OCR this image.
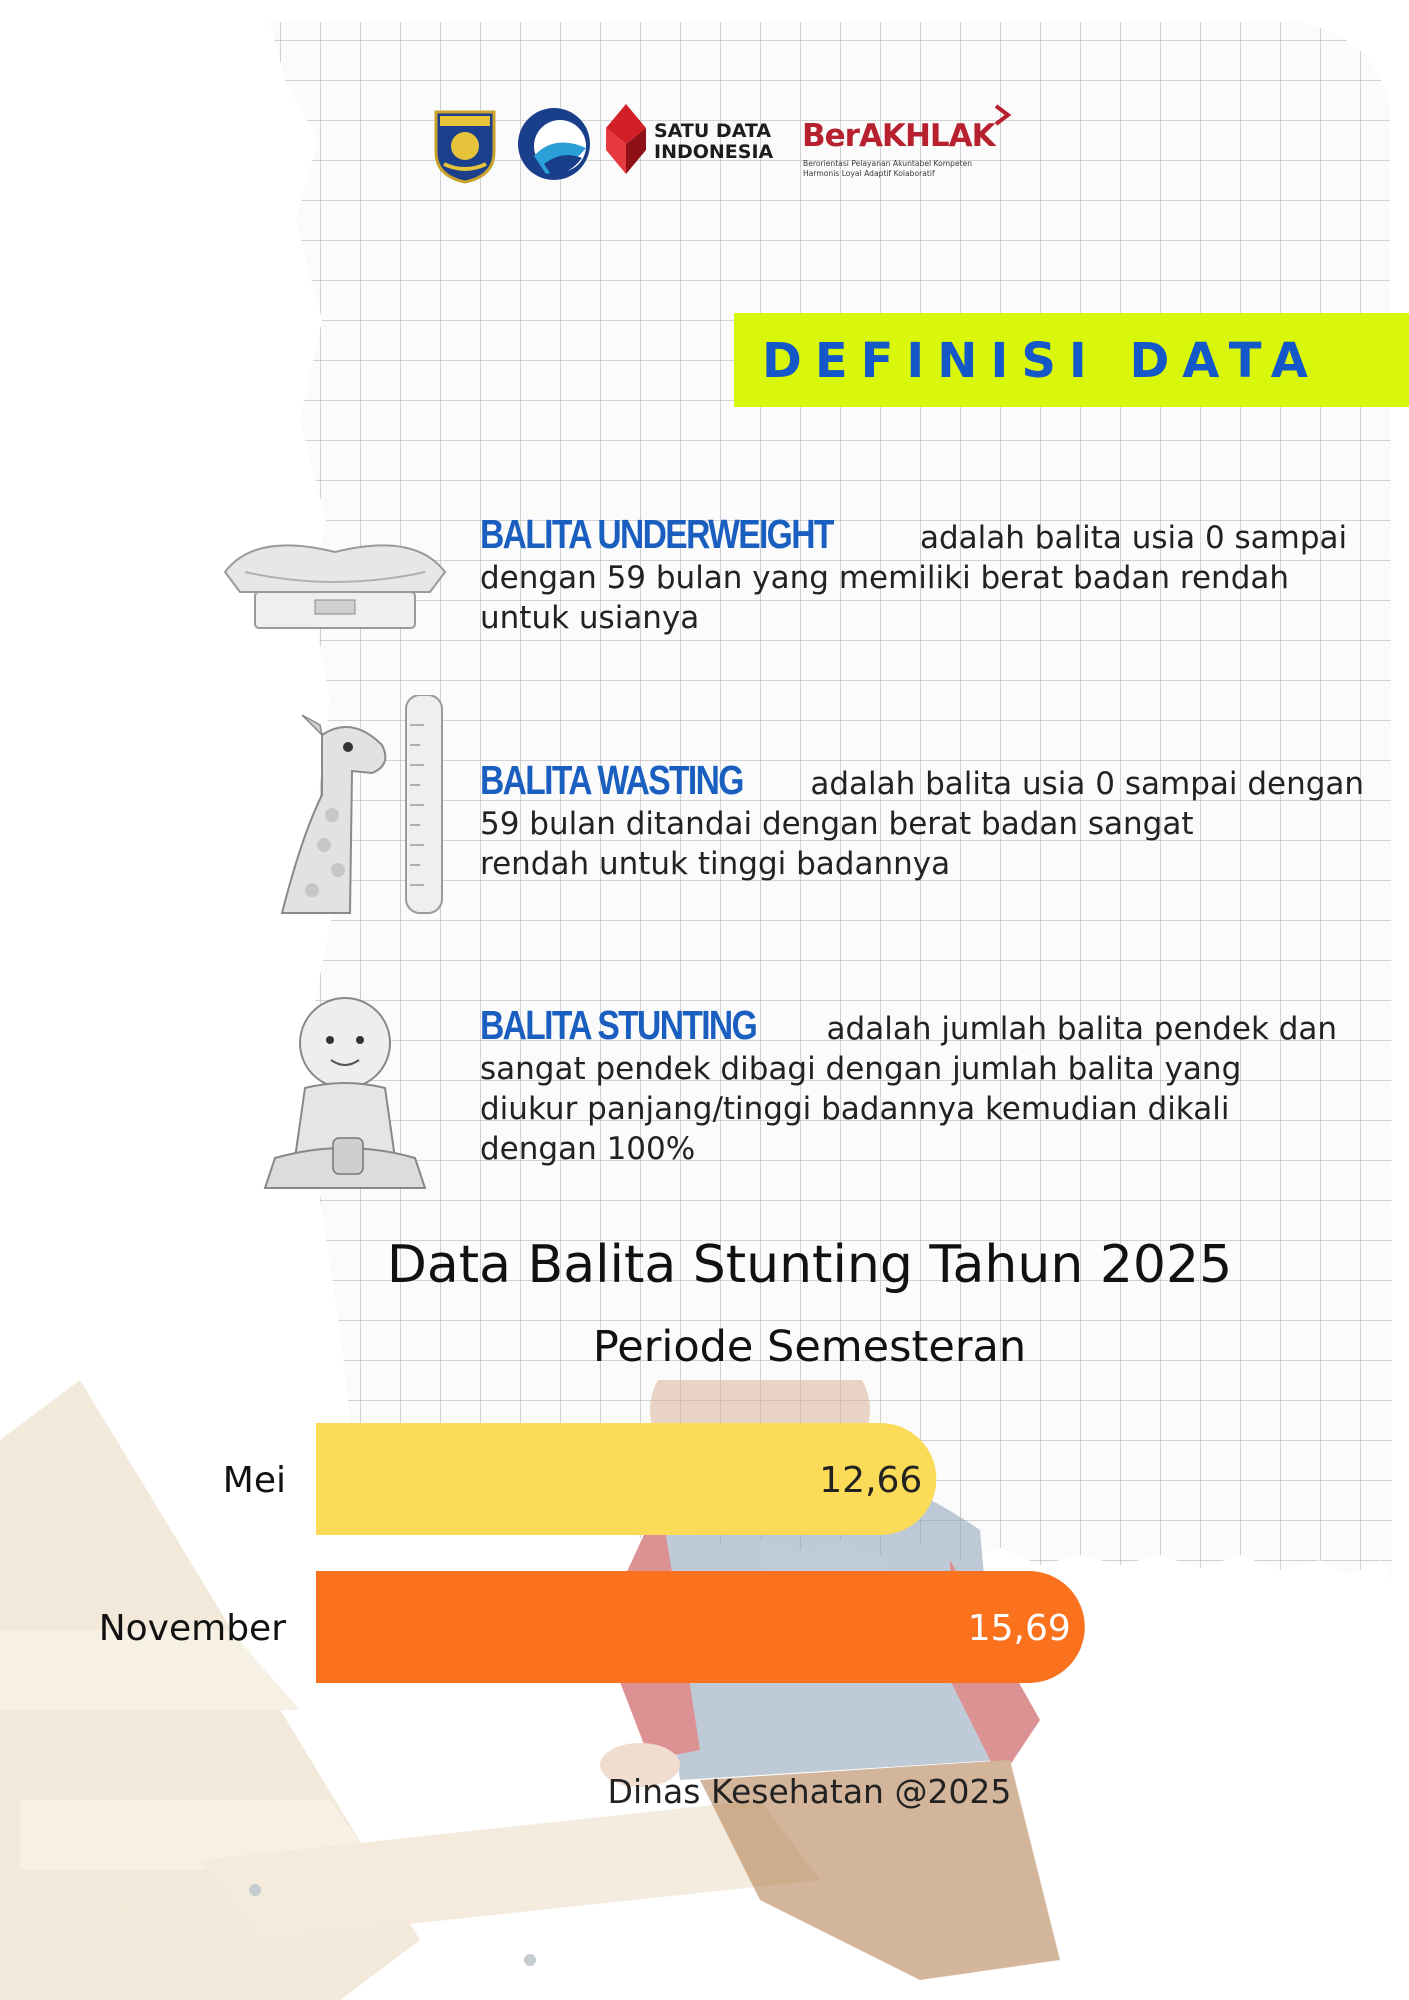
SATU DATA
INDONESIA BerAKHLAK
Berorientasi Pelayanan Akuntabel Kompeten
Harmonis Loyal Adaptif Kolaboratif
DEFINISI DATA
BALITA UNDERWEIGHT adalah balita usia 0 sampai
dengan 59 bulan yang memiliki berat badan rendah
untuk usianya
BALITA WASTING adalah balita usia 0 sampai dengan
59 bulan ditandai dengan berat badan sangat
rendah untuk tinggi badannya
BALITA STUNTING adalah jumlah balita pendek dan
sangat pendek dibagi dengan jumlah balita yang
diukur panjang/tinggi badannya kemudian dikali
dengan 100%
Data Balita Stunting Tahun 2025
Periode Semesteran
Mei	12,66
November	15,69
Dinas Kesehatan @2025
